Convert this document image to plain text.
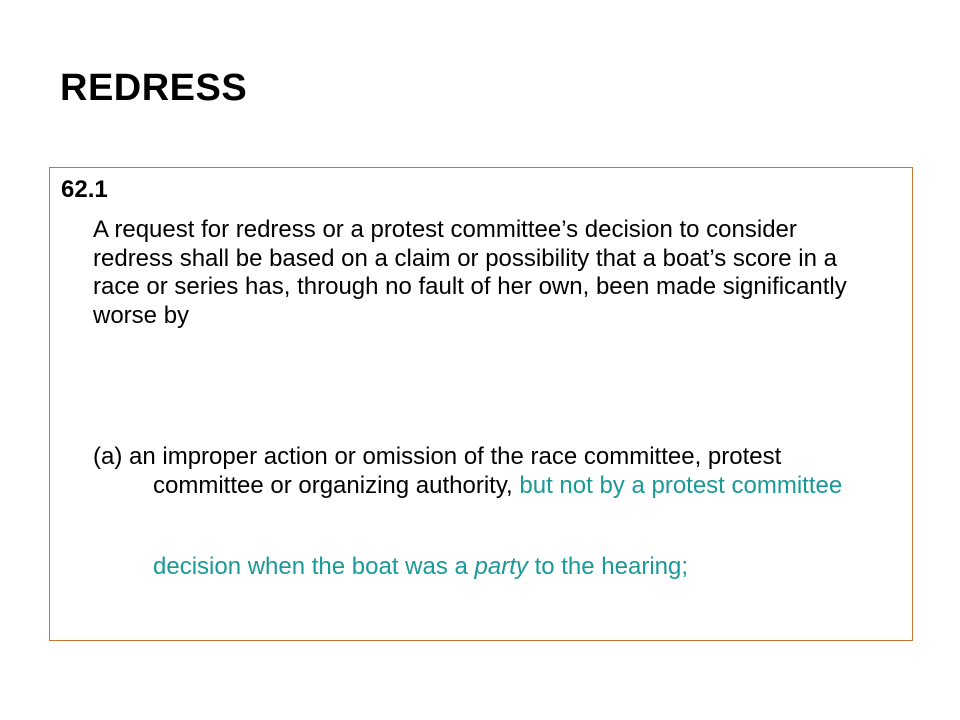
REDRESS
62.1

A request for redress or a protest committee’s decision to consider redress shall be based on a claim or possibility that a boat’s score in a race or series has, through no fault of her own, been made significantly worse by

(a) an improper action or omission of the race committee, protest committee or organizing authority, but not by a protest committee

decision when the boat was a party to the hearing;
